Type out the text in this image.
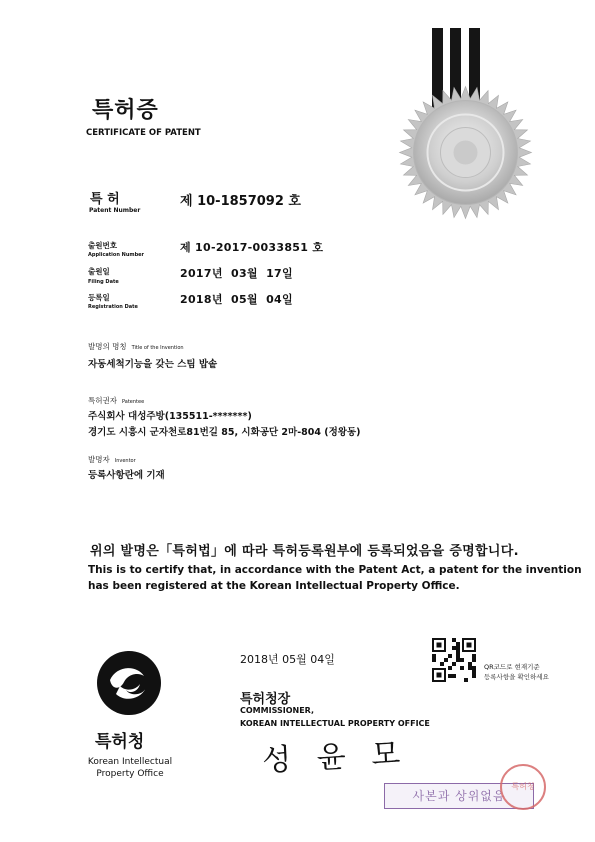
특허증
CERTIFICATE OF PATENT
특 허
Patent Number
제 10-1857092 호
출원번호
Application Number
제 10-2017-0033851 호
출원일
Filing Date
2017년  03월  17일
등록일
Registration Date
2018년  05월  04일
발명의 명칭 Title of the Invention
자동세척기능을 갖는 스팀 밥솥
특허권자 Patentee
주식회사 대성주방(135511-*******)
경기도 시흥시 군자천로81번길 85, 시화공단 2마-804 (정왕동)
발명자 Inventor
등록사항란에 기재
위의 발명은「특허법」에 따라 특허등록원부에 등록되었음을 증명합니다.
This is to certify that, in accordance with the Patent Act, a patent for the invention
has been registered at the Korean Intellectual Property Office.
2018년 05월 04일
QR코드로 현재기준
등록사항을 확인하세요
특허청
Korean Intellectual
Property Office
특허청장
COMMISSIONER,
KOREAN INTELLECTUAL PROPERTY OFFICE
성 윤 모
사본과 상위없음
특허청
